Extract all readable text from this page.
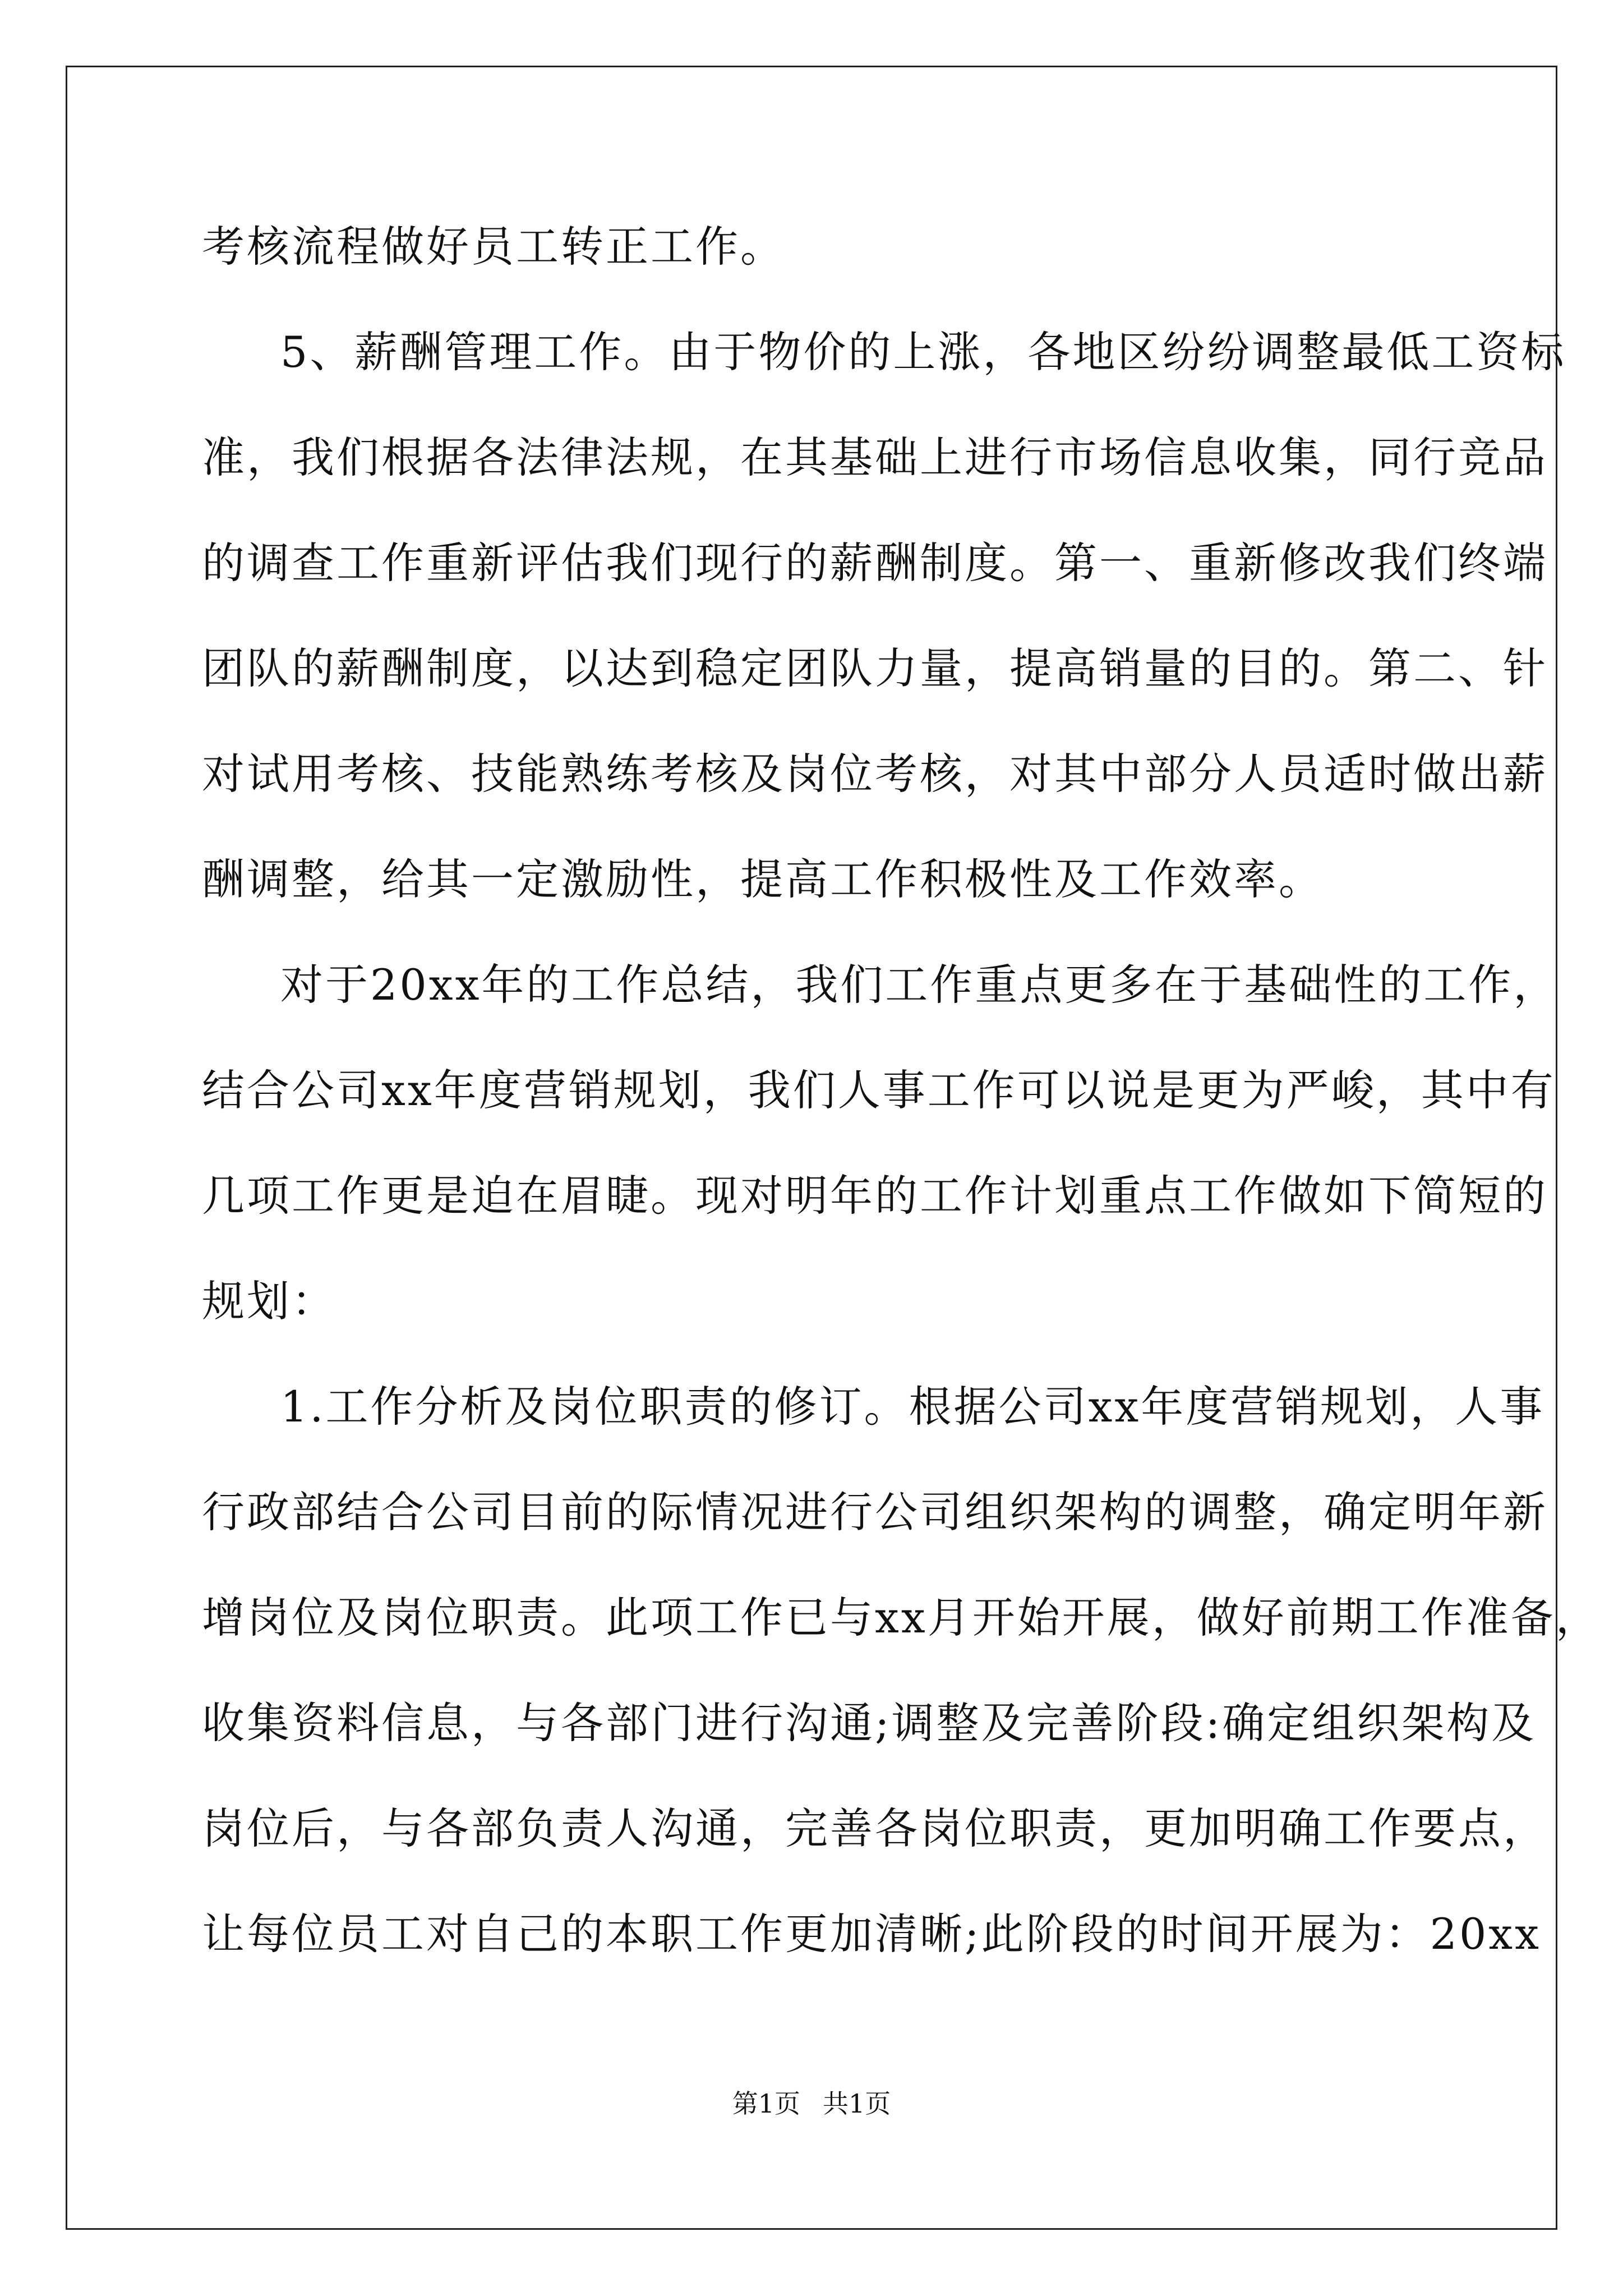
考核流程做好员工转正工作。
5、薪酬管理工作。由于物价的上涨，各地区纷纷调整最低工资标
准，我们根据各法律法规，在其基础上进行市场信息收集，同行竞品
的调查工作重新评估我们现行的薪酬制度。第一、重新修改我们终端
团队的薪酬制度，以达到稳定团队力量，提高销量的目的。第二、针
对试用考核、技能熟练考核及岗位考核，对其中部分人员适时做出薪
酬调整，给其一定激励性，提高工作积极性及工作效率。
对于20xx年的工作总结，我们工作重点更多在于基础性的工作，
结合公司xx年度营销规划，我们人事工作可以说是更为严峻，其中有
几项工作更是迫在眉睫。现对明年的工作计划重点工作做如下简短的
规划：
1.工作分析及岗位职责的修订。根据公司xx年度营销规划，人事
行政部结合公司目前的际情况进行公司组织架构的调整，确定明年新
增岗位及岗位职责。此项工作已与xx月开始开展，做好前期工作准备，
收集资料信息，与各部门进行沟通;调整及完善阶段:确定组织架构及
岗位后，与各部负责人沟通，完善各岗位职责，更加明确工作要点，
让每位员工对自己的本职工作更加清晰;此阶段的时间开展为：20xx
第1页 共1页
